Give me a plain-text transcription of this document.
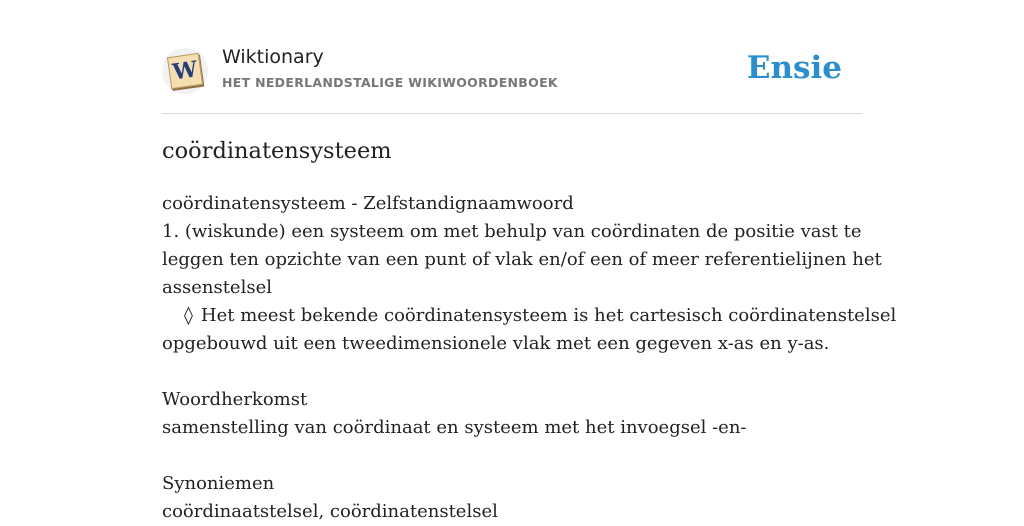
W Wiktionary
HET NEDERLANDSTALIGE WIKIWOORDENBOEK	Ensie
coördinatensysteem
coördinatensysteem - Zelfstandignaamwoord
1. (wiskunde) een systeem om met behulp van coördinaten de positie vast te
leggen ten opzichte van een punt of vlak en/of een of meer referentielijnen het
assenstelsel
◊ Het meest bekende coördinatensysteem is het cartesisch coördinatenstelsel
opgebouwd uit een tweedimensionele vlak met een gegeven x-as en y-as.
Woordherkomst
samenstelling van coördinaat en systeem met het invoegsel -en-
Synoniemen
coördinaatstelsel, coördinatenstelsel
